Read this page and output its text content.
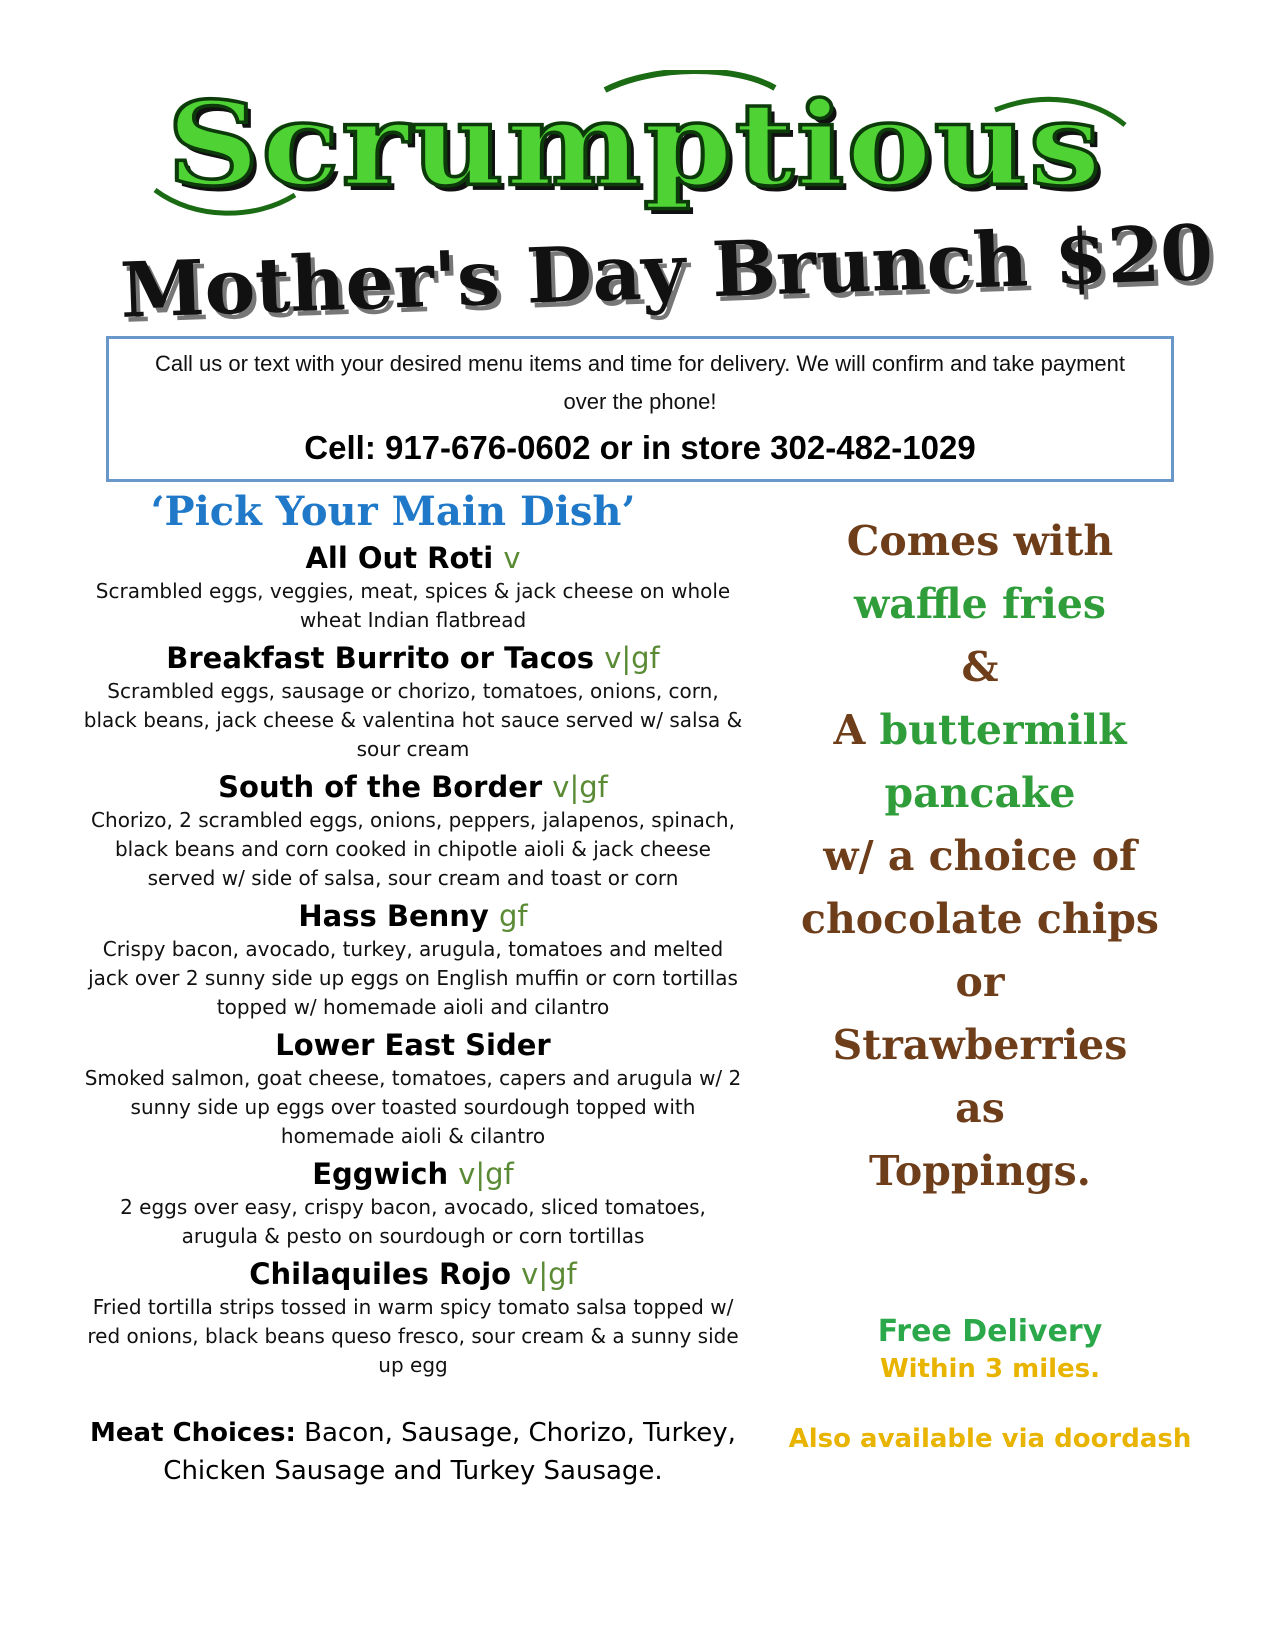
Scrumptious
Mother's Day Brunch $20
Call us or text with your desired menu items and time for delivery. We will confirm and take payment over the phone!
Cell: 917-676-0602 or in store 302-482-1029
‘Pick Your Main Dish’
All Out Roti v
Scrambled eggs, veggies, meat, spices & jack cheese on whole wheat Indian flatbread
Breakfast Burrito or Tacos v|gf
Scrambled eggs, sausage or chorizo, tomatoes, onions, corn, black beans, jack cheese & valentina hot sauce served w/ salsa & sour cream
South of the Border v|gf
Chorizo, 2 scrambled eggs, onions, peppers, jalapenos, spinach, black beans and corn cooked in chipotle aioli & jack cheese served w/ side of salsa, sour cream and toast or corn
Hass Benny gf
Crispy bacon, avocado, turkey, arugula, tomatoes and melted jack over 2 sunny side up eggs on English muffin or corn tortillas topped w/ homemade aioli and cilantro
Lower East Sider
Smoked salmon, goat cheese, tomatoes, capers and arugula w/ 2 sunny side up eggs over toasted sourdough topped with homemade aioli & cilantro
Eggwich v|gf
2 eggs over easy, crispy bacon, avocado, sliced tomatoes, arugula & pesto on sourdough or corn tortillas
Chilaquiles Rojo v|gf
Fried tortilla strips tossed in warm spicy tomato salsa topped w/ red onions, black beans queso fresco, sour cream & a sunny side up egg
Meat Choices: Bacon, Sausage, Chorizo, Turkey, Chicken Sausage and Turkey Sausage.
Comes with
waffle fries
&
A buttermilk
pancake
w/ a choice of
chocolate chips
or
Strawberries
as
Toppings.
Free Delivery
Within 3 miles.
Also available via doordash
